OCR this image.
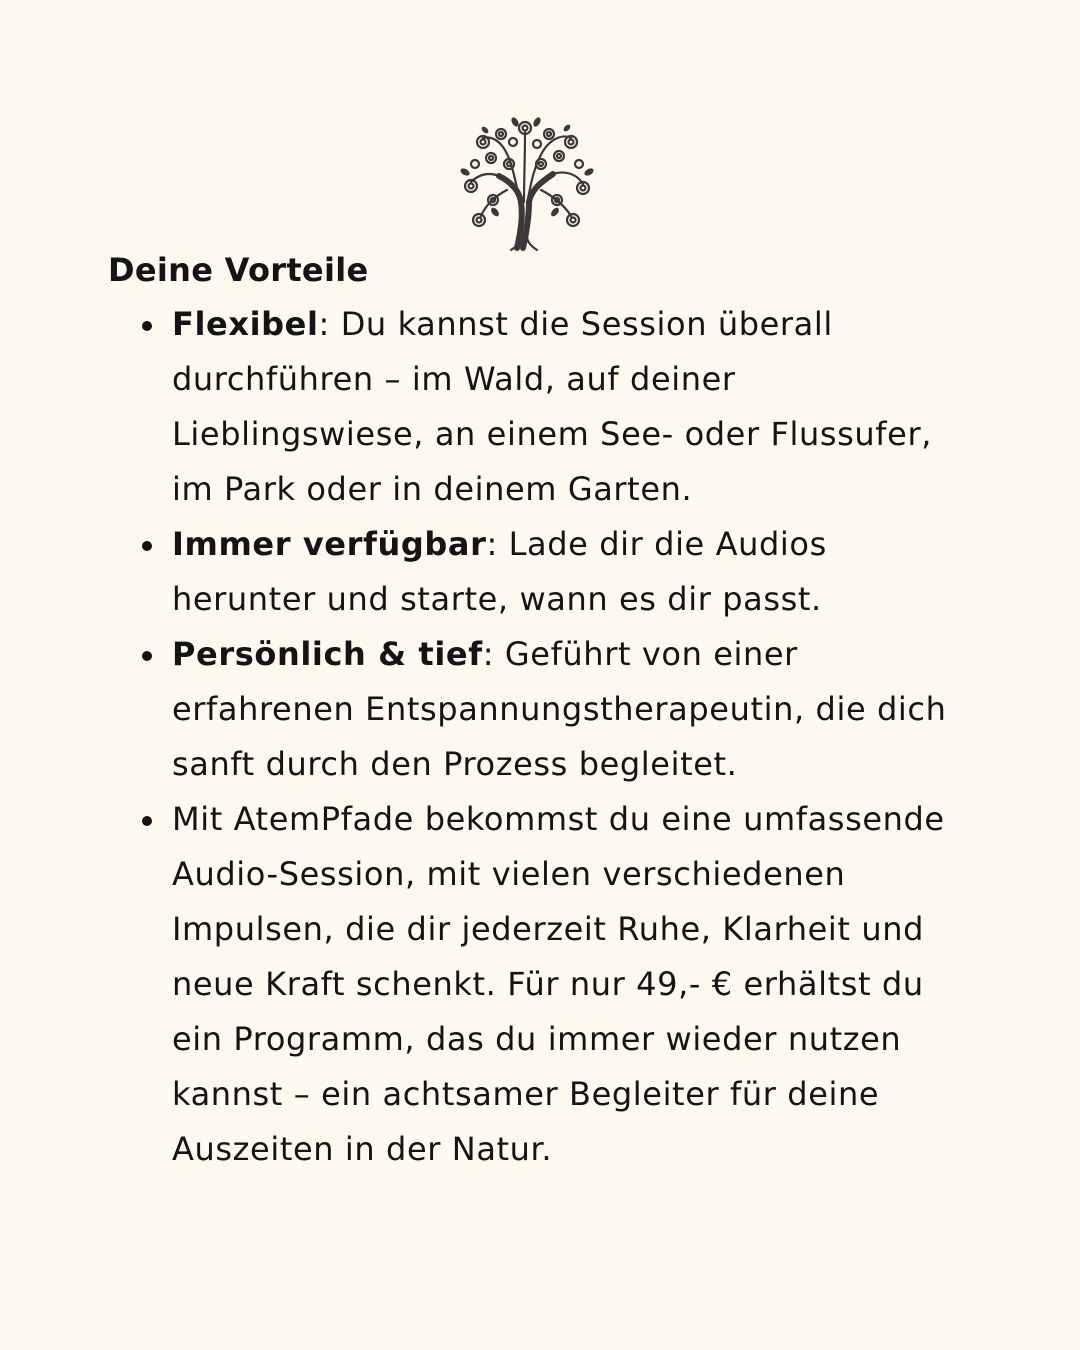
Deine Vorteile
Flexibel: Du kannst die Session überall durchführen – im Wald, auf deiner Lieblingswiese, an einem See- oder Flussufer, im Park oder in deinem Garten.
Immer verfügbar: Lade dir die Audios herunter und starte, wann es dir passt.
Persönlich & tief: Geführt von einer erfahrenen Entspannungstherapeutin, die dich sanft durch den Prozess begleitet.
Mit AtemPfade bekommst du eine umfassende Audio-Session, mit vielen verschiedenen Impulsen, die dir jederzeit Ruhe, Klarheit und neue Kraft schenkt. Für nur 49,- € erhältst du ein Programm, das du immer wieder nutzen kannst – ein achtsamer Begleiter für deine Auszeiten in der Natur.
